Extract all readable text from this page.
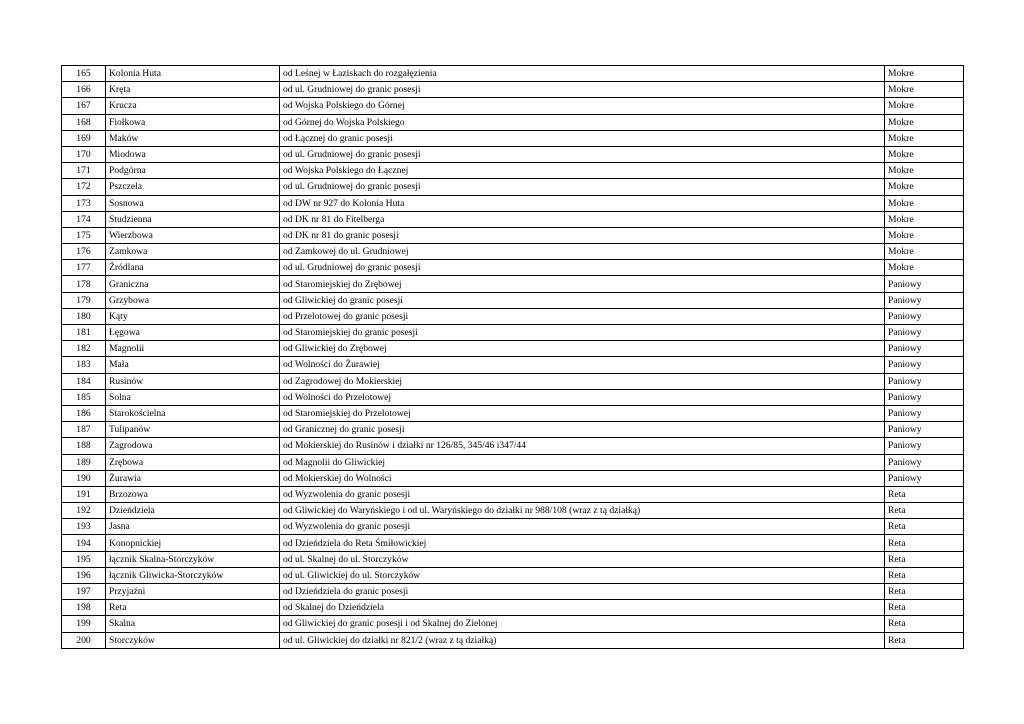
165	Kolonia Huta	od Leśnej w Łaziskach do rozgałęzienia	Mokre
166	Kręta	od ul. Grudniowej do granic posesji	Mokre
167	Krucza	od Wojska Polskiego do Górnej	Mokre
168	Fiołkowa	od Górnej do Wojska Polskiego	Mokre
169	Maków	od Łącznej do granic posesji	Mokre
170	Miodowa	od ul. Grudniowej do granic posesji	Mokre
171	Podgórna	od Wojska Polskiego do Łącznej	Mokre
172	Pszczela	od ul. Grudniowej do granic posesji	Mokre
173	Sosnowa	od DW nr 927 do Kolonia Huta	Mokre
174	Studzienna	od DK nr 81 do Fitelberga	Mokre
175	Wierzbowa	od DK nr 81 do granic posesji	Mokre
176	Zamkowa	od Zamkowej do ul. Grudniowej	Mokre
177	Źródlana	od ul. Grudniowej do granic posesji	Mokre
178	Graniczna	od Staromiejskiej do Zrębowej	Paniowy
179	Grzybowa	od Gliwickiej do granic posesji	Paniowy
180	Kąty	od Przelotowej do granic posesji	Paniowy
181	Łęgowa	od Staromiejskiej do granic posesji	Paniowy
182	Magnolii	od Gliwickiej do Zrębowej	Paniowy
183	Mała	od Wolności do Żurawiej	Paniowy
184	Rusinów	od Zagrodowej do Mokierskiej	Paniowy
185	Solna	od Wolności do Przelotowej	Paniowy
186	Starokościelna	od Staromiejskiej do Przelotowej	Paniowy
187	Tulipanów	od Granicznej do granic posesji	Paniowy
188	Zagrodowa	od Mokierskiej do Rusinów i działki nr 126/85, 345/46 i347/44	Paniowy
189	Zrębowa	od Magnolii do Gliwickiej	Paniowy
190	Żurawia	od Mokierskiej do Wolności	Paniowy
191	Brzozowa	od Wyzwolenia do granic posesji	Reta
192	Dzieńdziela	od Gliwickiej do Waryńskiego i od ul. Waryńskiego do działki nr 988/108 (wraz z tą działką)	Reta
193	Jasna	od Wyzwolenia do granic posesji	Reta
194	Konopnickiej	od Dzieńdziela do Reta Śmiłowickiej	Reta
195	łącznik Skalna-Storczyków	od ul. Skalnej do ul. Storczyków	Reta
196	łącznik Gliwicka-Storczyków	od ul. Gliwickiej do ul. Storczyków	Reta
197	Przyjaźni	od Dzieńdziela do granic posesji	Reta
198	Reta	od Skalnej do Dzieńdziela	Reta
199	Skalna	od Gliwickiej do granic posesji i od Skalnej do Zielonej	Reta
200	Storczyków	od ul. Gliwickiej do działki nr 821/2 (wraz z tą działką)	Reta
